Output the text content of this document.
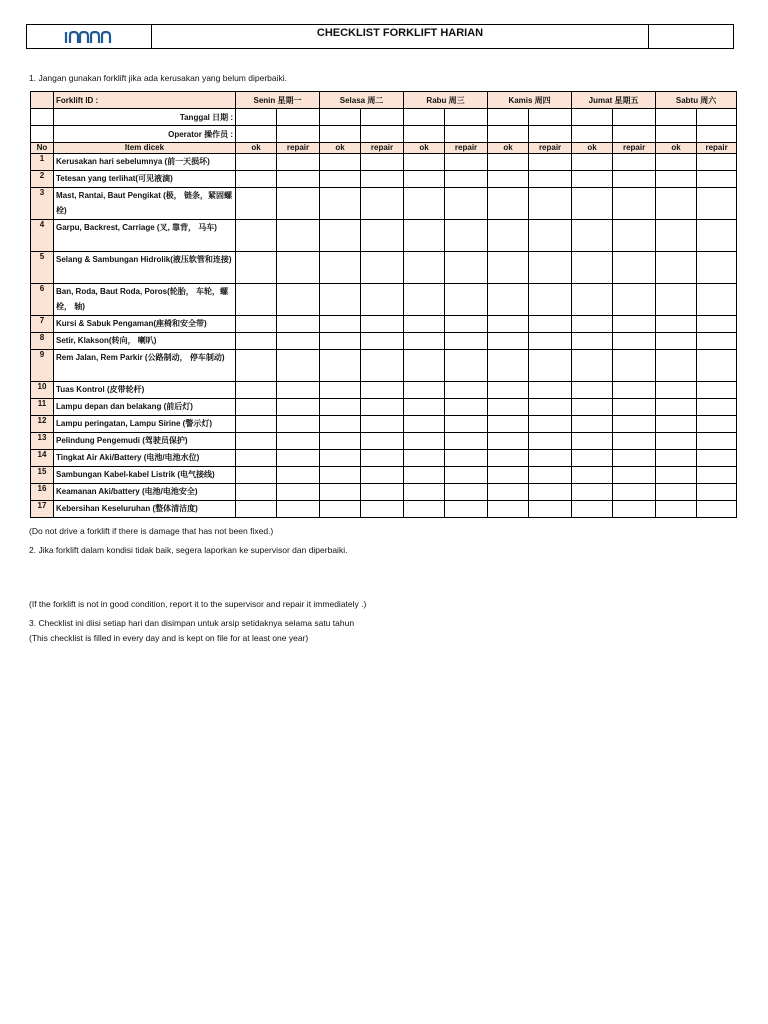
CHECKLIST FORKLIFT HARIAN
1. Jangan gunakan forklift jika ada kerusakan yang belum diperbaiki.
	Forklift ID :	Senin 星期一		Selasa 周二		Rabu 周三		Kamis 周四		Jumat 星期五		Sabtu 周六	
	Tanggal 日期 :												
	Operator 操作员 :												
No	Item dicek	ok	repair	ok	repair	ok	repair	ok	repair	ok	repair	ok	repair
1	Kerusakan hari sebelumnya (前一天损坏)												
2	Tetesan yang terlihat(可见液滴)												
3	Mast, Rantai, Baut Pengikat (极， 链条，紧固螺栓)												
4	Garpu, Backrest, Carriage (叉, 靠背， 马车)												
5	Selang & Sambungan Hidrolik(液压软管和连接)												
6	Ban, Roda, Baut Roda, Poros(轮胎， 车轮，螺栓， 轴)												
7	Kursi & Sabuk Pengaman(座椅和安全带)												
8	Setir, Klakson(转向， 喇叭)												
9	Rem Jalan, Rem Parkir (公路制动， 停车制动)												
10	Tuas Kontrol (皮带轮杆)												
11	Lampu depan dan belakang (前后灯)												
12	Lampu peringatan, Lampu Sirine (警示灯)												
13	Pelindung Pengemudi (驾驶员保护)												
14	Tingkat Air Aki/Battery (电池/电池水位)												
15	Sambungan Kabel-kabel Listrik (电气接线)												
16	Keamanan Aki/battery (电池/电池安全)												
17	Kebersihan Keseluruhan (整体清洁度)												
(Do not drive a forklift if there is damage that has not been fixed.)
2. Jika forklift dalam kondisi tidak baik, segera laporkan ke supervisor dan diperbaiki.
(If the forklift is not in good condition, report it to the supervisor and repair it immediately .)
3. Checklist ini diisi setiap hari dan disimpan untuk arsip setidaknya selama satu tahun
(This checklist is filled in every day and is kept on file for at least one year)
